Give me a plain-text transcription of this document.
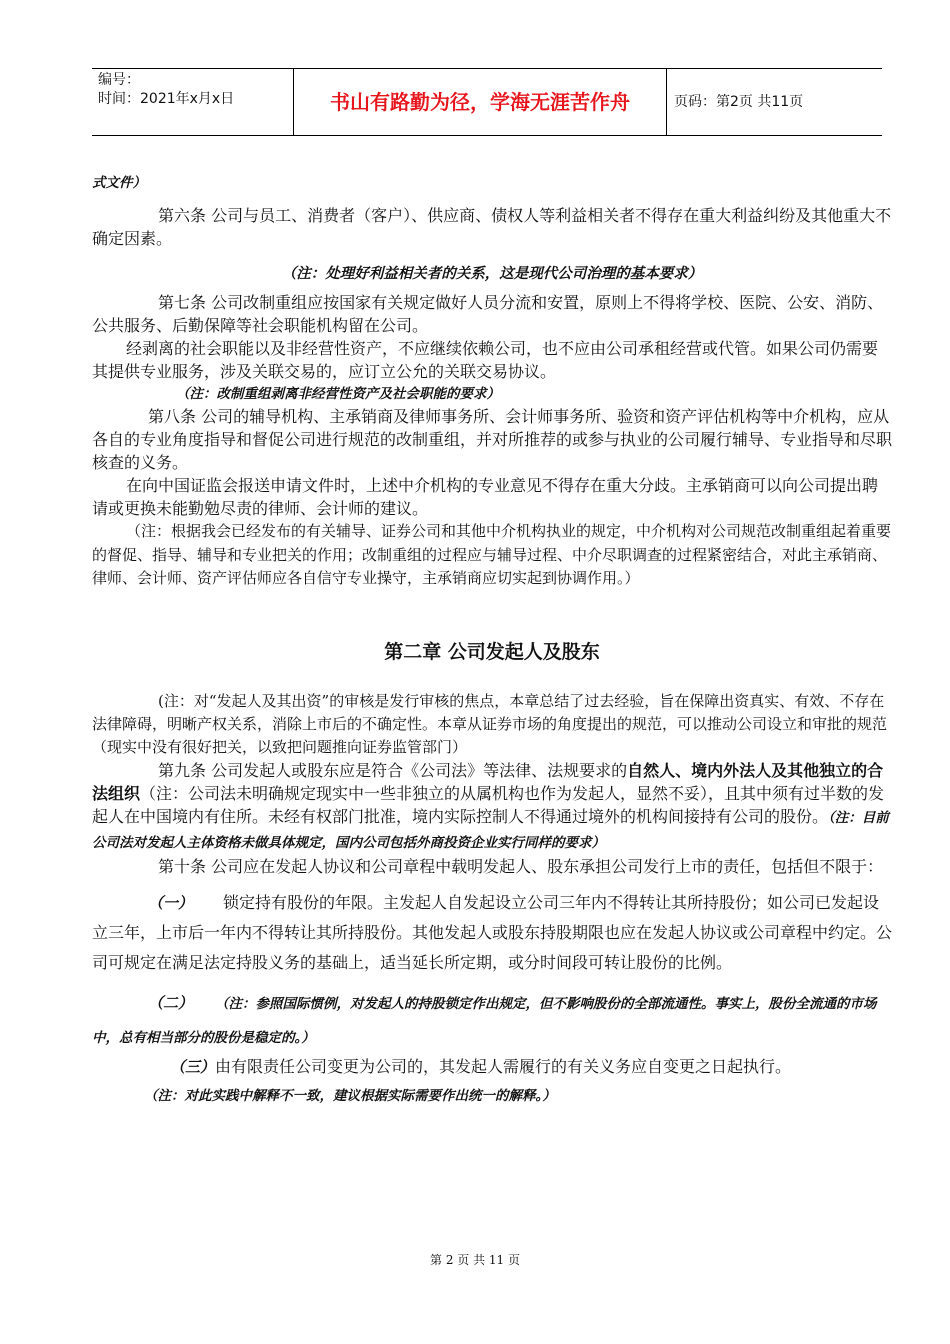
编号：
时间：2021年x月x日	书山有路勤为径，学海无涯苦作舟	页码：第2页 共11页

式文件）

第六条 公司与员工、消费者（客户）、供应商、债权人等利益相关者不得存在重大利益纠纷及其他重大不确定因素。

（注：处理好利益相关者的关系，这是现代公司治理的基本要求）

第七条 公司改制重组应按国家有关规定做好人员分流和安置，原则上不得将学校、医院、公安、消防、公共服务、后勤保障等社会职能机构留在公司。

经剥离的社会职能以及非经营性资产，不应继续依赖公司，也不应由公司承租经营或代管。如果公司仍需要其提供专业服务，涉及关联交易的，应订立公允的关联交易协议。

（注：改制重组剥离非经营性资产及社会职能的要求）

第八条 公司的辅导机构、主承销商及律师事务所、会计师事务所、验资和资产评估机构等中介机构，应从各自的专业角度指导和督促公司进行规范的改制重组，并对所推荐的或参与执业的公司履行辅导、专业指导和尽职核查的义务。

在向中国证监会报送申请文件时，上述中介机构的专业意见不得存在重大分歧。主承销商可以向公司提出聘请或更换未能勤勉尽责的律师、会计师的建议。

（注：根据我会已经发布的有关辅导、证券公司和其他中介机构执业的规定，中介机构对公司规范改制重组起着重要的督促、指导、辅导和专业把关的作用；改制重组的过程应与辅导过程、中介尽职调查的过程紧密结合，对此主承销商、律师、会计师、资产评估师应各自信守专业操守，主承销商应切实起到协调作用。）

第二章 公司发起人及股东

(注：对“发起人及其出资”的审核是发行审核的焦点，本章总结了过去经验，旨在保障出资真实、有效、不存在法律障碍，明晰产权关系，消除上市后的不确定性。本章从证券市场的角度提出的规范，可以推动公司设立和审批的规范（现实中没有很好把关，以致把问题推向证券监管部门）

第九条 公司发起人或股东应是符合《公司法》等法律、法规要求的自然人、境内外法人及其他独立的合法组织（注：公司法未明确规定现实中一些非独立的从属机构也作为发起人，显然不妥），且其中须有过半数的发起人在中国境内有住所。未经有权部门批准，境内实际控制人不得通过境外的机构间接持有公司的股份。（注：目前公司法对发起人主体资格未做具体规定，国内公司包括外商投资企业实行同样的要求）

第十条 公司应在发起人协议和公司章程中载明发起人、股东承担公司发行上市的责任，包括但不限于：

（一） 锁定持有股份的年限。主发起人自发起设立公司三年内不得转让其所持股份；如公司已发起设立三年，上市后一年内不得转让其所持股份。其他发起人或股东持股期限也应在发起人协议或公司章程中约定。公司可规定在满足法定持股义务的基础上，适当延长所定期，或分时间段可转让股份的比例。

（二） （注：参照国际惯例，对发起人的持股锁定作出规定，但不影响股份的全部流通性。事实上，股份全流通的市场中，总有相当部分的股份是稳定的。）

（三）由有限责任公司变更为公司的，其发起人需履行的有关义务应自变更之日起执行。

（注：对此实践中解释不一致，建议根据实际需要作出统一的解释。）

第 2 页 共 11 页
